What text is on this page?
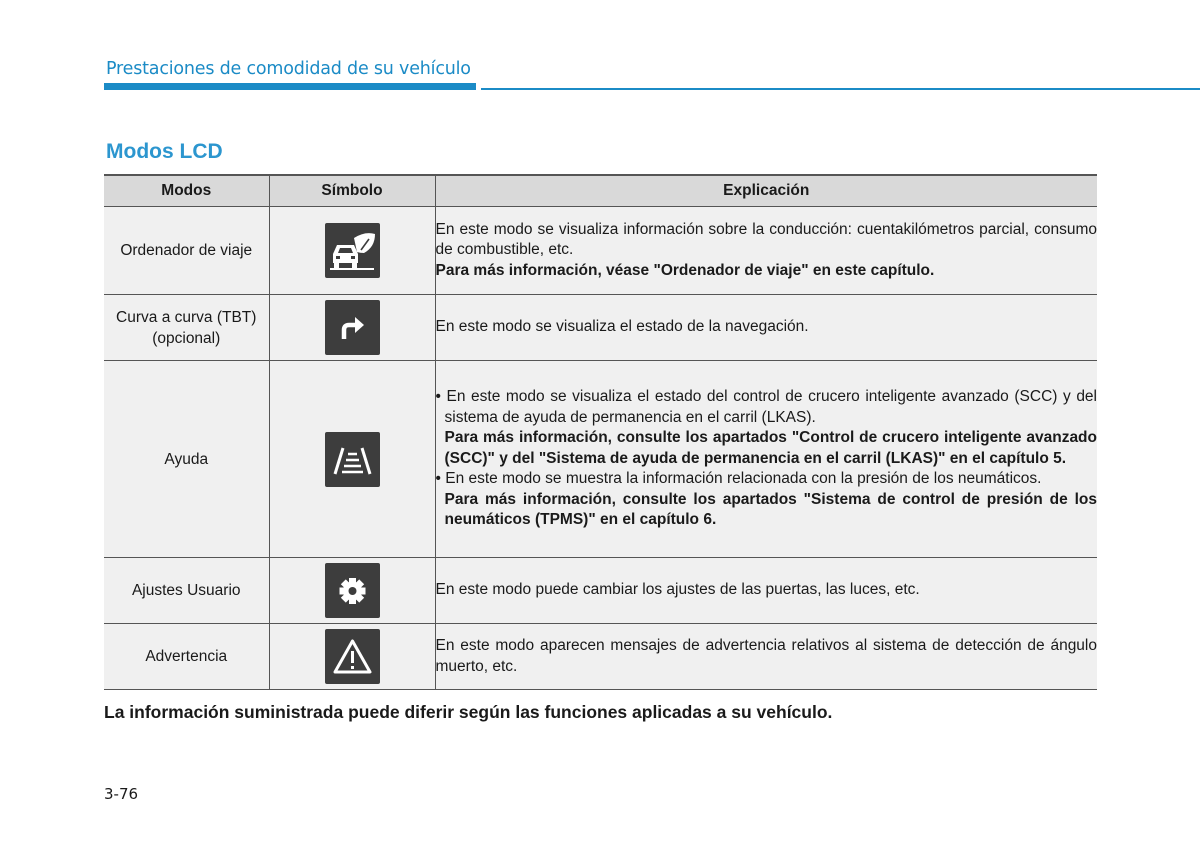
Prestaciones de comodidad de su vehículo
Modos LCD
Modos	Símbolo	Explicación
Ordenador de viaje		En este modo se visualiza información sobre la conducción: cuentakilómetros parcial, consumo de combustible, etc.
Para más información, véase "Ordenador de viaje" en este capítulo.

Curva a curva (TBT)
(opcional)		En este modo se visualiza el estado de la navegación.
Ayuda		• En este modo se visualiza el estado del control de crucero inteligente avanzado (SCC) y del sistema de ayuda de permanencia en el carril (LKAS).
Para más información, consulte los apartados "Control de crucero inteligente avanzado (SCC)" y del "Sistema de ayuda de permanencia en el carril (LKAS)" en el capítulo 5.
• En este modo se muestra la información relacionada con la presión de los neumáticos.
Para más información, consulte los apartados "Sistema de control de presión de los neumáticos (TPMS)" en el capítulo 6.

Ajustes Usuario		En este modo puede cambiar los ajustes de las puertas, las luces, etc.
Advertencia		En este modo aparecen mensajes de advertencia relativos al sistema de detección de ángulo muerto, etc.
La información suministrada puede diferir según las funciones aplicadas a su vehículo.
3-76
